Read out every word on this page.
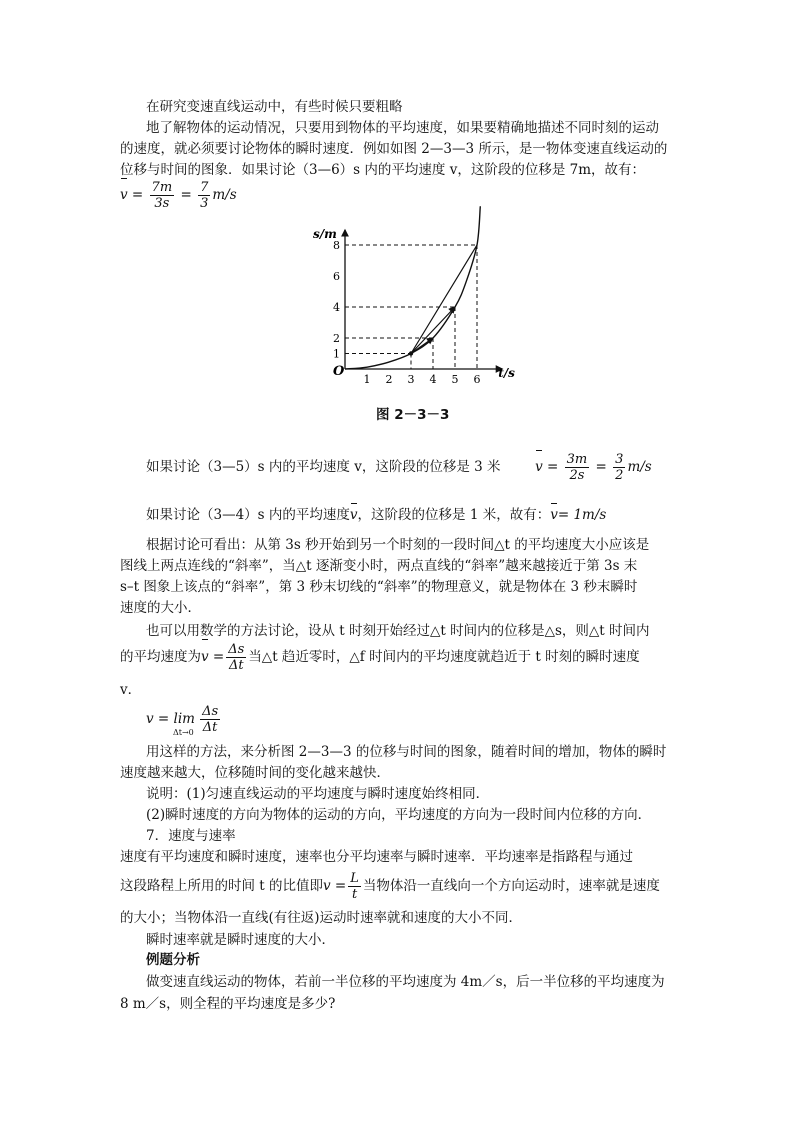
在研究变速直线运动中，有些时候只要粗略
地了解物体的运动情况，只要用到物体的平均速度，如果要精确地描述不同时刻的运动
的速度，就必须要讨论物体的瞬时速度．例如如图 2—3—3 所示，是一物体变速直线运动的
位移与时间的图象．如果讨论（3—6）s 内的平均速度 v，这阶段的位移是 7m，故有：
$v = \frac{7m}{3s} = \frac{7}{3} m/s$
s/m
t/s
O
1 2 3 4 5 6
1
2
4
6
8
图 2－3－3
如果讨论（3—5）s 内的平均速度 v，这阶段的位移是 3 米	$v = \frac{3m}{2s} = \frac{3}{2} m/s$
如果讨论（3—4）s 内的平均速度v，这阶段的位移是 1 米，故有：v= 1m/s
根据讨论可看出：从第 3s 秒开始到另一个时刻的一段时间△t 的平均速度大小应该是
图线上两点连线的“斜率”，当△t 逐渐变小时，两点直线的“斜率”越来越接近于第 3s 末
s–t 图象上该点的“斜率”，第 3 秒末切线的“斜率”的物理意义，就是物体在 3 秒末瞬时
速度的大小．
也可以用数学的方法讨论，设从 t 时刻开始经过△t 时间内的位移是△s，则△t 时间内
的平均速度为$v = \frac{\Delta s}{\Delta t}$ 当△t 趋近零时，△f 时间内的平均速度就趋近于 t 时刻的瞬时速度
v．
$v = \lim_{\Delta t\to 0} \frac{\Delta s}{\Delta t}$
用这样的方法，来分析图 2—3—3 的位移与时间的图象，随着时间的增加，物体的瞬时
速度越来越大，位移随时间的变化越来越快．
说明：(1)匀速直线运动的平均速度与瞬时速度始终相同．
(2)瞬时速度的方向为物体的运动的方向，平均速度的方向为一段时间内位移的方向．
7．速度与速率
速度有平均速度和瞬时速度，速率也分平均速率与瞬时速率．平均速率是指路程与通过
这段路程上所用的时间 t 的比值即$v = \frac{L}{t}$ 当物体沿一直线向一个方向运动时，速率就是速度
的大小；当物体沿一直线(有往返)运动时速率就和速度的大小不同．
瞬时速率就是瞬时速度的大小．
例题分析
做变速直线运动的物体，若前一半位移的平均速度为 4m／s，后一半位移的平均速度为
8 m／s，则全程的平均速度是多少?
